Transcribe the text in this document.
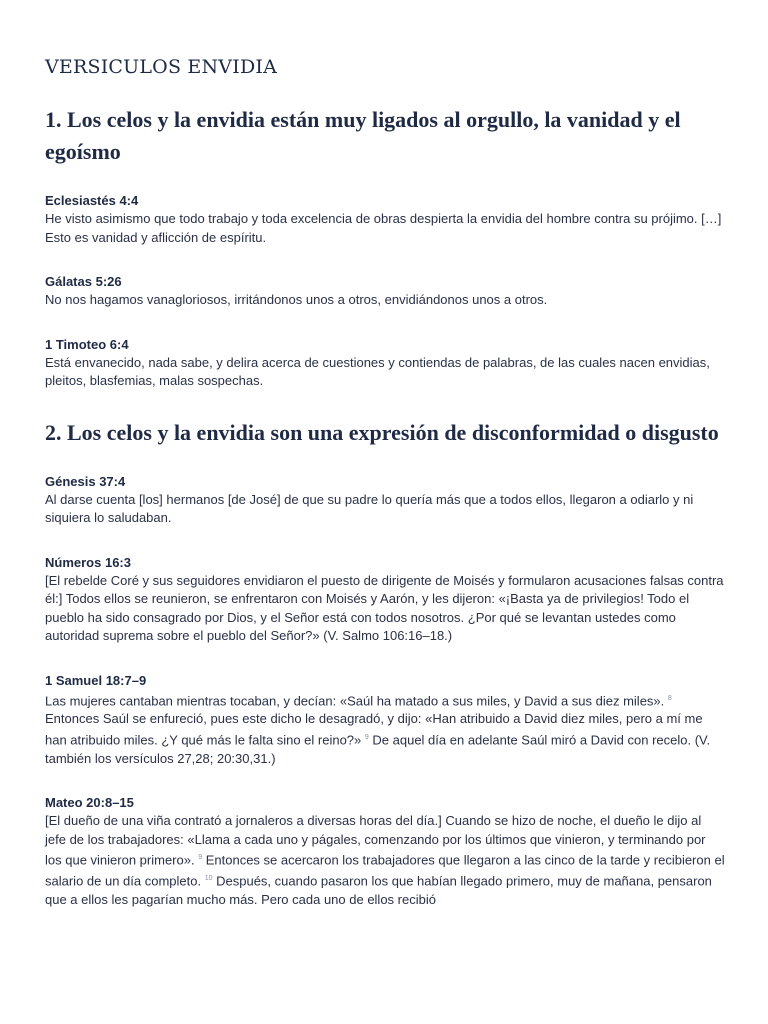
VERSICULOS ENVIDIA
1. Los celos y la envidia están muy ligados al orgullo, la vanidad y el egoísmo
Eclesiastés 4:4
He visto asimismo que todo trabajo y toda excelencia de obras despierta la envidia del hombre contra su prójimo. […] Esto es vanidad y aflicción de espíritu.
Gálatas 5:26
No nos hagamos vanagloriosos, irritándonos unos a otros, envidiándonos unos a otros.
1 Timoteo 6:4
Está envanecido, nada sabe, y delira acerca de cuestiones y contiendas de palabras, de las cuales nacen envidias, pleitos, blasfemias, malas sospechas.
2. Los celos y la envidia son una expresión de disconformidad o disgusto
Génesis 37:4
Al darse cuenta [los] hermanos [de José] de que su padre lo quería más que a todos ellos, llegaron a odiarlo y ni siquiera lo saludaban.
Números 16:3
[El rebelde Coré y sus seguidores envidiaron el puesto de dirigente de Moisés y formularon acusaciones falsas contra él:] Todos ellos se reunieron, se enfrentaron con Moisés y Aarón, y les dijeron: «¡Basta ya de privilegios! Todo el pueblo ha sido consagrado por Dios, y el Señor está con todos nosotros. ¿Por qué se levantan ustedes como autoridad suprema sobre el pueblo del Señor?» (V. Salmo 106:16–18.)
1 Samuel 18:7–9
Las mujeres cantaban mientras tocaban, y decían: «Saúl ha matado a sus miles, y David a sus diez miles». $^8$ Entonces Saúl se enfureció, pues este dicho le desagradó, y dijo: «Han atribuido a David diez miles, pero a mí me han atribuido miles. ¿Y qué más le falta sino el reino?» $^9$ De aquel día en adelante Saúl miró a David con recelo. (V. también los versículos 27,28; 20:30,31.)
Mateo 20:8–15
[El dueño de una viña contrató a jornaleros a diversas horas del día.] Cuando se hizo de noche, el dueño le dijo al jefe de los trabajadores: «Llama a cada uno y págales, comenzando por los últimos que vinieron, y terminando por los que vinieron primero». $^9$ Entonces se acercaron los trabajadores que llegaron a las cinco de la tarde y recibieron el salario de un día completo. $^{10}$ Después, cuando pasaron los que habían llegado primero, muy de mañana, pensaron que a ellos les pagarían mucho más. Pero cada uno de ellos recibió
